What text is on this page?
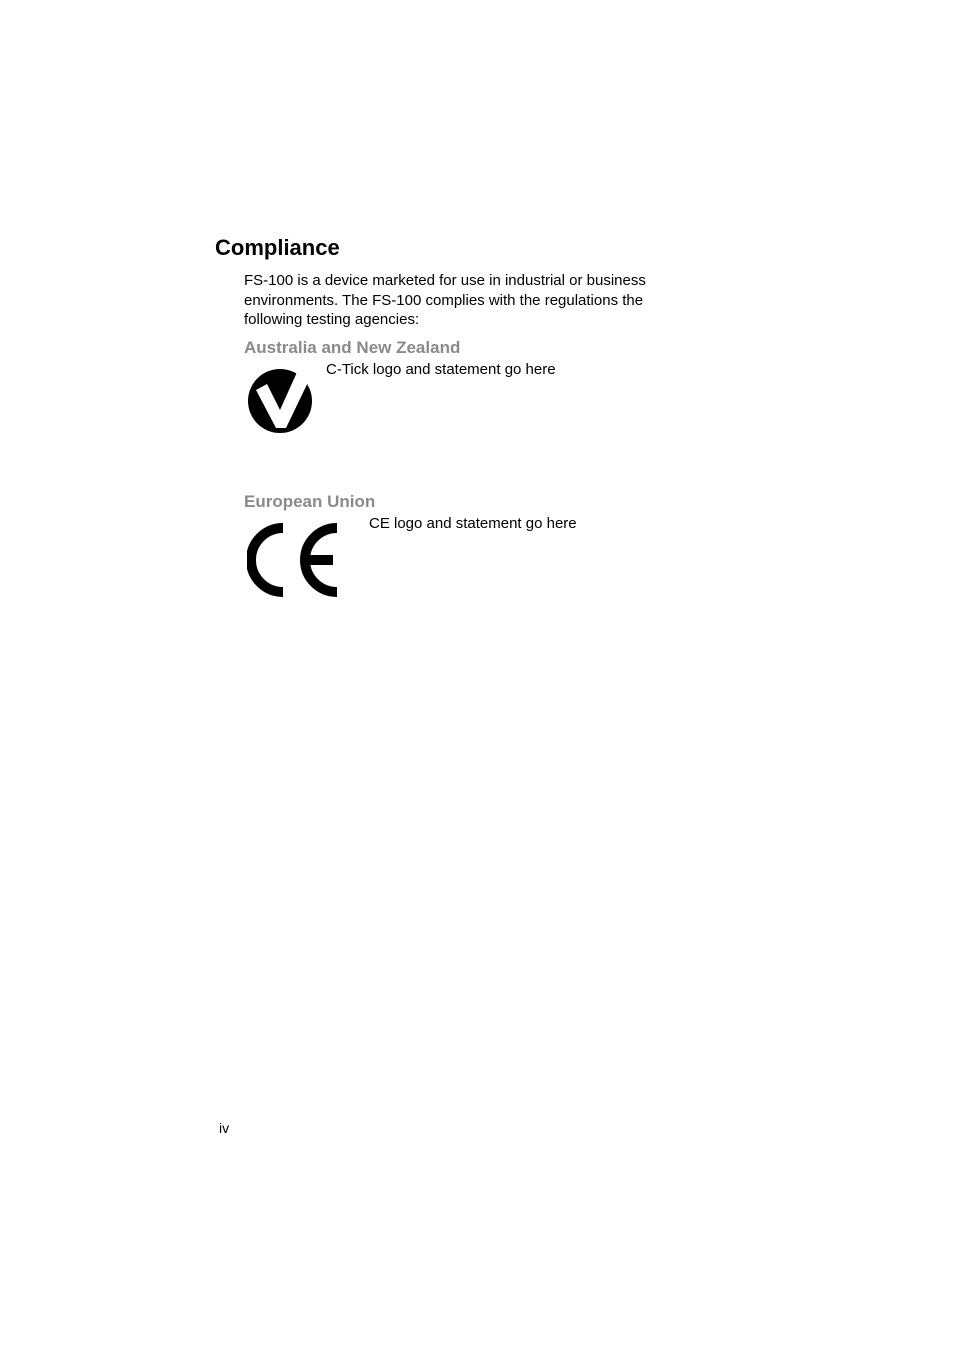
Compliance

FS-100 is a device marketed for use in industrial or business environments. The FS-100 complies with the regulations the following testing agencies:

Australia and New Zealand

C-Tick logo and statement go here

European Union

CE logo and statement go here

iv
